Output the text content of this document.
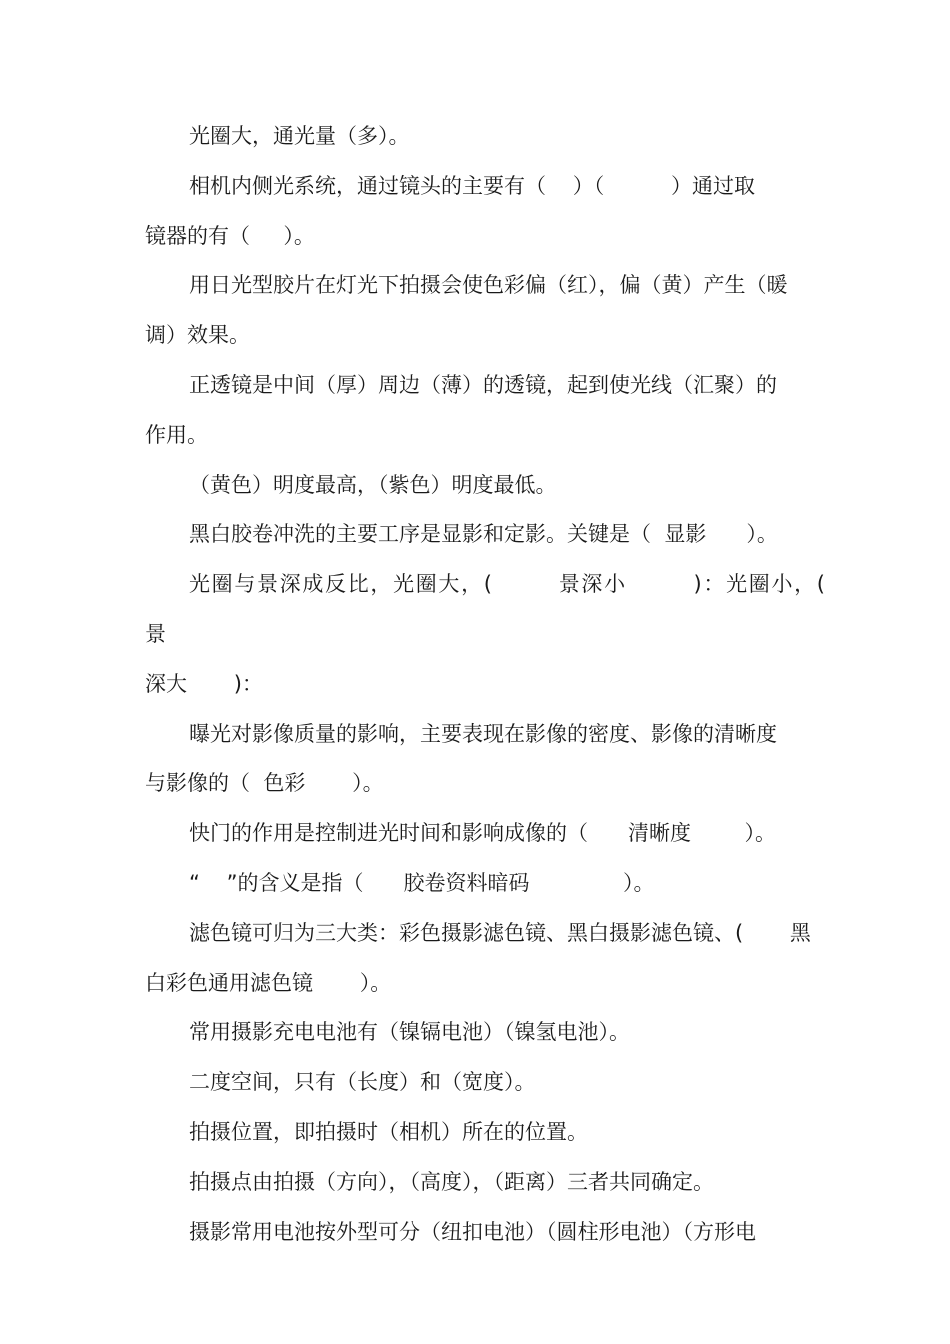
光圈大，通光量（多）。

相机内侧光系统，通过镜头的主要有（    ）（          ）通过取
镜器的有（     ）。

用日光型胶片在灯光下拍摄会使色彩偏（红），偏（黄）产生（暖
调）效果。

正透镜是中间（厚）周边（薄）的透镜，起到使光线（汇聚）的
作用。

（黄色）明度最高，（紫色）明度最低。

黑白胶卷冲洗的主要工序是显影和定影。关键是（  显影      ）。

光圈与景深成反比，光圈大，(        景深小        )：光圈小，(          景
深大       )：

曝光对影像质量的影响，主要表现在影像的密度、影像的清晰度
与影像的（  色彩       ）。

快门的作用是控制进光时间和影响成像的（      清晰度        ）。

“    ”的含义是指（      胶卷资料暗码              ）。

滤色镜可归为三大类：彩色摄影滤色镜、黑白摄影滤色镜、(       黑
白彩色通用滤色镜       ）。

常用摄影充电电池有（镍镉电池）（镍氢电池）。

二度空间，只有（长度）和（宽度）。

拍摄位置，即拍摄时（相机）所在的位置。

拍摄点由拍摄（方向），（高度），（距离）三者共同确定。

摄影常用电池按外型可分（纽扣电池）（圆柱形电池）（方形电
